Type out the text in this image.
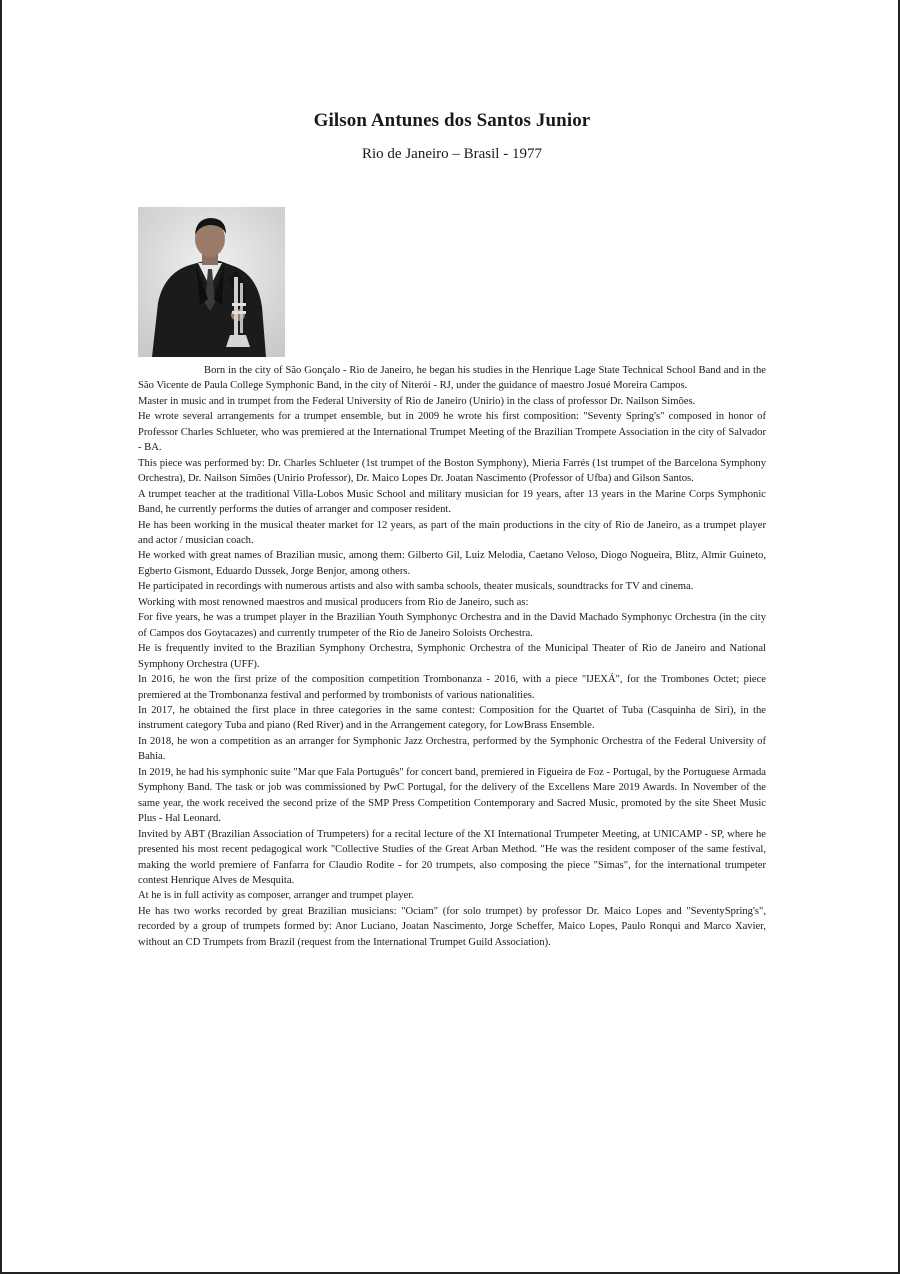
Gilson Antunes dos Santos Junior
Rio de Janeiro – Brasil - 1977

Born in the city of São Gonçalo - Rio de Janeiro, he began his studies in the Henrique Lage State Technical School Band and in the São Vicente de Paula College Symphonic Band, in the city of Niterói - RJ, under the guidance of maestro Josué Moreira Campos.

Master in music and in trumpet from the Federal University of Rio de Janeiro (Unirio) in the class of professor Dr. Nailson Simões.

He wrote several arrangements for a trumpet ensemble, but in 2009 he wrote his first composition: "Seventy Spring's" composed in honor of Professor Charles Schlueter, who was premiered at the International Trumpet Meeting of the Brazilian Trompete Association in the city of Salvador - BA.

This piece was performed by: Dr. Charles Schlueter (1st trumpet of the Boston Symphony), Mieria Farrés (1st trumpet of the Barcelona Symphony Orchestra), Dr. Nailson Simões (Unirio Professor), Dr. Maico Lopes Dr. Joatan Nascimento (Professor of Ufba) and Gilson Santos.

A trumpet teacher at the traditional Villa-Lobos Music School and military musician for 19 years, after 13 years in the Marine Corps Symphonic Band, he currently performs the duties of arranger and composer resident.

He has been working in the musical theater market for 12 years, as part of the main productions in the city of Rio de Janeiro, as a trumpet player and actor / musician coach.

He worked with great names of Brazilian music, among them: Gilberto Gil, Luiz Melodia, Caetano Veloso, Diogo Nogueira, Blitz, Almir Guineto, Egberto Gismont, Eduardo Dussek, Jorge Benjor, among others.

He participated in recordings with numerous artists and also with samba schools, theater musicals, soundtracks for TV and cinema.

Working with most renowned maestros and musical producers from Rio de Janeiro, such as:

For five years, he was a trumpet player in the Brazilian Youth Symphonyc Orchestra and in the David Machado Symphonyc Orchestra (in the city of Campos dos Goytacazes) and currently trumpeter of the Rio de Janeiro Soloists Orchestra.

He is frequently invited to the Brazilian Symphony Orchestra, Symphonic Orchestra of the Municipal Theater of Rio de Janeiro and National Symphony Orchestra (UFF).

In 2016, he won the first prize of the composition competition Trombonanza - 2016, with a piece "IJEXÁ", for the Trombones Octet; piece premiered at the Trombonanza festival and performed by trombonists of various nationalities.

In 2017, he obtained the first place in three categories in the same contest: Composition for the Quartet of Tuba (Casquinha de Siri), in the instrument category Tuba and piano (Red River) and in the Arrangement category, for LowBrass Ensemble.

In 2018, he won a competition as an arranger for Symphonic Jazz Orchestra, performed by the Symphonic Orchestra of the Federal University of Bahia.

In 2019, he had his symphonic suite "Mar que Fala Português" for concert band, premiered in Figueira de Foz - Portugal, by the Portuguese Armada Symphony Band. The task or job was commissioned by PwC Portugal, for the delivery of the Excellens Mare 2019 Awards. In November of the same year, the work received the second prize of the SMP Press Competition Contemporary and Sacred Music, promoted by the site Sheet Music Plus - Hal Leonard.

Invited by ABT (Brazilian Association of Trumpeters) for a recital lecture of the XI International Trumpeter Meeting, at UNICAMP - SP, where he presented his most recent pedagogical work "Collective Studies of the Great Arban Method. "He was the resident composer of the same festival, making the world premiere of Fanfarra for Claudio Rodite - for 20 trumpets, also composing the piece "Simas", for the international trumpeter contest Henrique Alves de Mesquita.

At he is in full activity as composer, arranger and trumpet player.

He has two works recorded by great Brazilian musicians: "Ociam" (for solo trumpet) by professor Dr. Maico Lopes and "SeventySpring's", recorded by a group of trumpets formed by: Anor Luciano, Joatan Nascimento, Jorge Scheffer, Maico Lopes, Paulo Ronqui and Marco Xavier, without an CD Trumpets from Brazil (request from the International Trumpet Guild Association).
